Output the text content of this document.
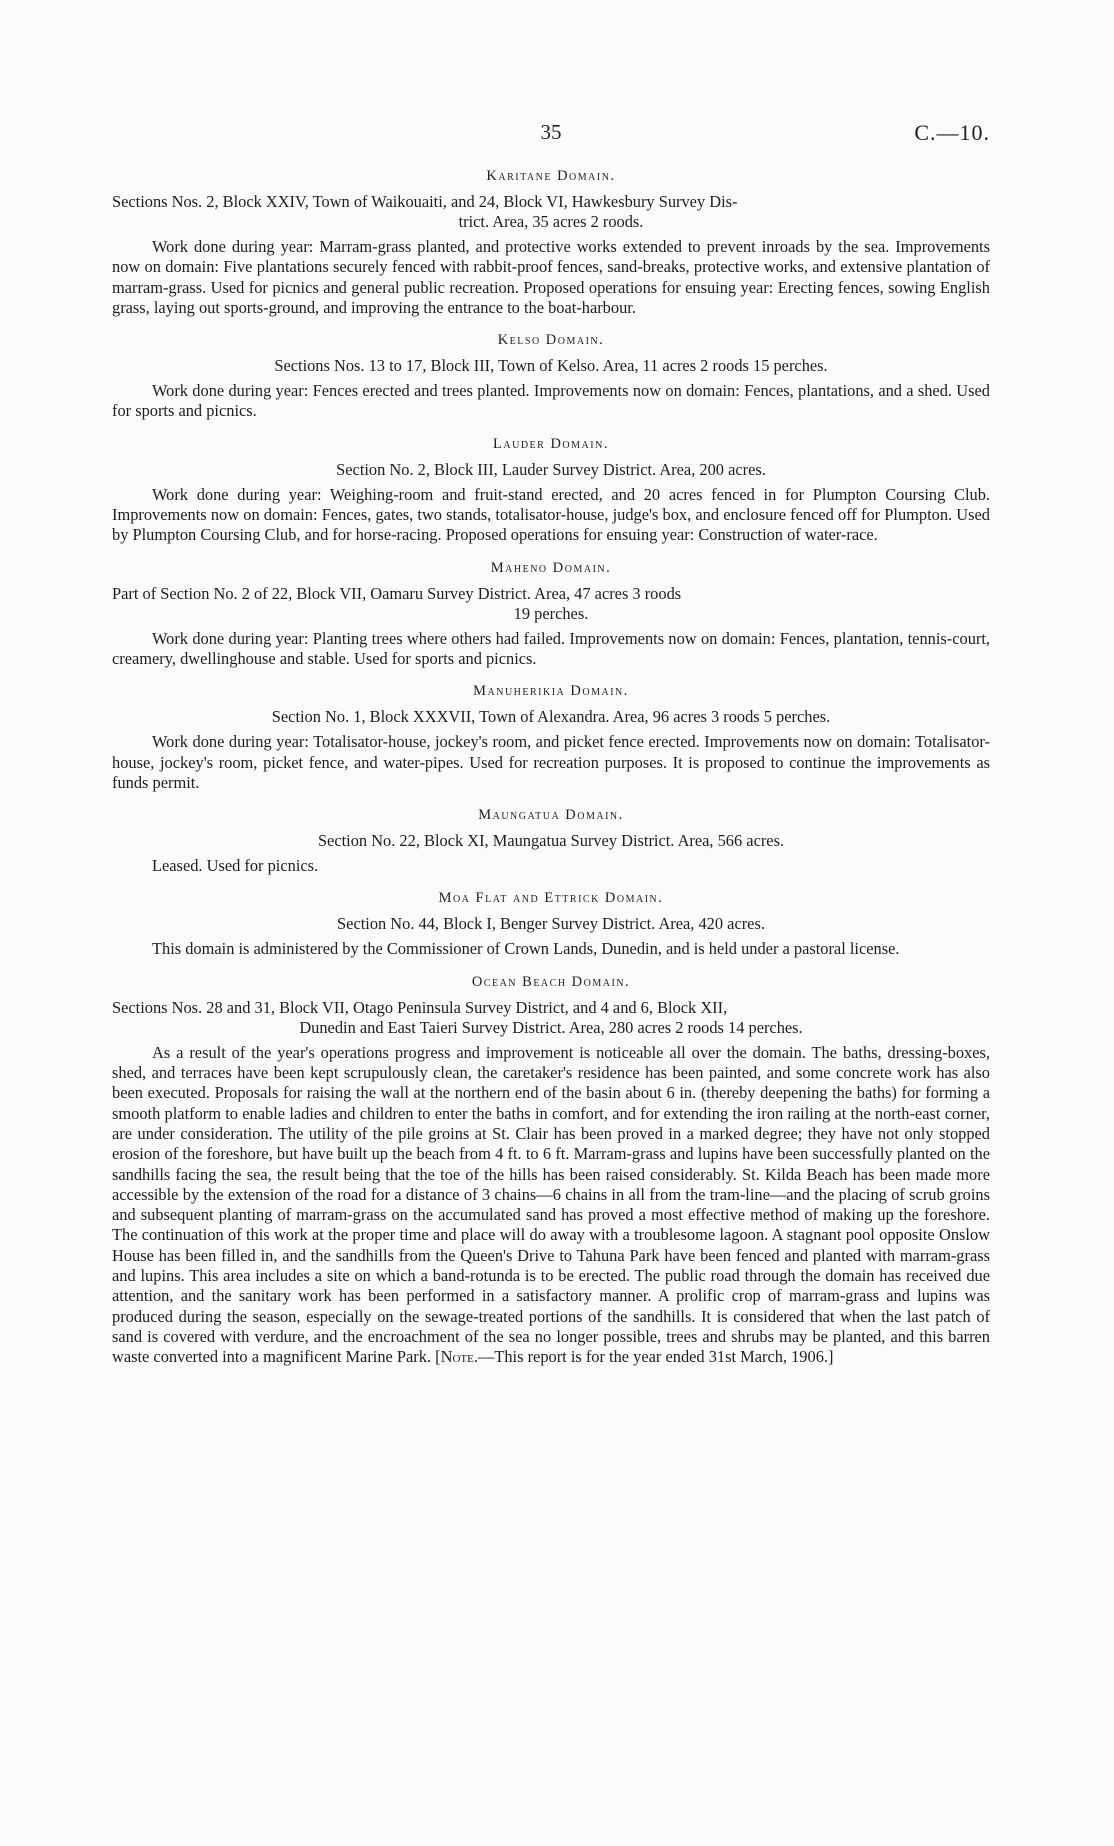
35	C.—10.
Karitane Domain.

Sections Nos. 2, Block XXIV, Town of Waikouaiti, and 24, Block VI, Hawkesbury Survey Dis-
trict. Area, 35 acres 2 roods.

Work done during year: Marram-grass planted, and protective works extended to prevent inroads by the sea. Improvements now on domain: Five plantations securely fenced with rabbit-proof fences, sand-breaks, protective works, and extensive plantation of marram-grass. Used for picnics and general public recreation. Proposed operations for ensuing year: Erecting fences, sowing English grass, laying out sports-ground, and improving the entrance to the boat-harbour.

Kelso Domain.

Sections Nos. 13 to 17, Block III, Town of Kelso. Area, 11 acres 2 roods 15 perches.

Work done during year: Fences erected and trees planted. Improvements now on domain: Fences, plantations, and a shed. Used for sports and picnics.

Lauder Domain.

Section No. 2, Block III, Lauder Survey District. Area, 200 acres.

Work done during year: Weighing-room and fruit-stand erected, and 20 acres fenced in for Plumpton Coursing Club. Improvements now on domain: Fences, gates, two stands, totalisator-house, judge's box, and enclosure fenced off for Plumpton. Used by Plumpton Coursing Club, and for horse-racing. Proposed operations for ensuing year: Construction of water-race.

Maheno Domain.

Part of Section No. 2 of 22, Block VII, Oamaru Survey District. Area, 47 acres 3 roods
19 perches.

Work done during year: Planting trees where others had failed. Improvements now on domain: Fences, plantation, tennis-court, creamery, dwellinghouse and stable. Used for sports and picnics.

Manuherikia Domain.

Section No. 1, Block XXXVII, Town of Alexandra. Area, 96 acres 3 roods 5 perches.

Work done during year: Totalisator-house, jockey's room, and picket fence erected. Improvements now on domain: Totalisator-house, jockey's room, picket fence, and water-pipes. Used for recreation purposes. It is proposed to continue the improvements as funds permit.

Maungatua Domain.

Section No. 22, Block XI, Maungatua Survey District. Area, 566 acres.

Leased. Used for picnics.

Moa Flat and Ettrick Domain.

Section No. 44, Block I, Benger Survey District. Area, 420 acres.

This domain is administered by the Commissioner of Crown Lands, Dunedin, and is held under a pastoral license.

Ocean Beach Domain.

Sections Nos. 28 and 31, Block VII, Otago Peninsula Survey District, and 4 and 6, Block XII,
Dunedin and East Taieri Survey District. Area, 280 acres 2 roods 14 perches.

As a result of the year's operations progress and improvement is noticeable all over the domain. The baths, dressing-boxes, shed, and terraces have been kept scrupulously clean, the caretaker's residence has been painted, and some concrete work has also been executed. Proposals for raising the wall at the northern end of the basin about 6 in. (thereby deepening the baths) for forming a smooth platform to enable ladies and children to enter the baths in comfort, and for extending the iron railing at the north-east corner, are under consideration. The utility of the pile groins at St. Clair has been proved in a marked degree; they have not only stopped erosion of the foreshore, but have built up the beach from 4 ft. to 6 ft. Marram-grass and lupins have been successfully planted on the sandhills facing the sea, the result being that the toe of the hills has been raised considerably. St. Kilda Beach has been made more accessible by the extension of the road for a distance of 3 chains—6 chains in all from the tram-line—and the placing of scrub groins and subsequent planting of marram-grass on the accumulated sand has proved a most effective method of making up the foreshore. The continuation of this work at the proper time and place will do away with a troublesome lagoon. A stagnant pool opposite Onslow House has been filled in, and the sandhills from the Queen's Drive to Tahuna Park have been fenced and planted with marram-grass and lupins. This area includes a site on which a band-rotunda is to be erected. The public road through the domain has received due attention, and the sanitary work has been performed in a satisfactory manner. A prolific crop of marram-grass and lupins was produced during the season, especially on the sewage-treated portions of the sandhills. It is considered that when the last patch of sand is covered with verdure, and the encroachment of the sea no longer possible, trees and shrubs may be planted, and this barren waste converted into a magnificent Marine Park. [Note.—This report is for the year ended 31st March, 1906.]
